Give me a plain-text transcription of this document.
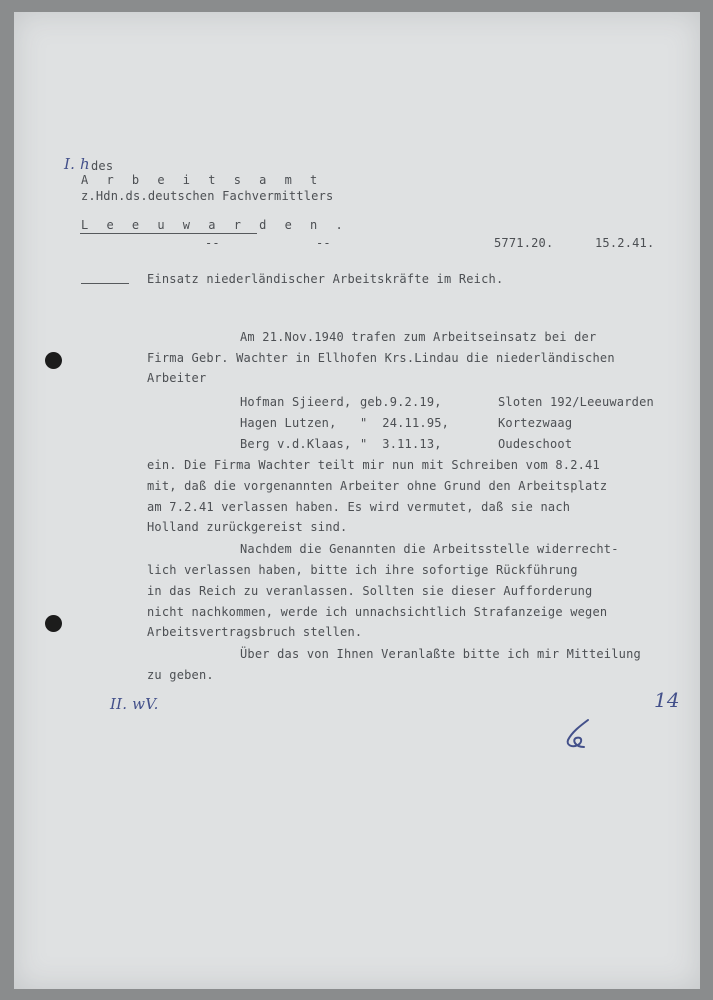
I. h des
A r b e i t s a m t
z.Hdn.ds.deutschen Fachvermittlers
L e e u w a r d e n .
--	--	5771.20.	15.2.41.
Einsatz niederländischer Arbeitskräfte im Reich.
Am 21.Nov.1940 trafen zum Arbeitseinsatz bei der
Firma Gebr. Wachter in Ellhofen Krs.Lindau die niederländischen
Arbeiter
Hofman Sjieerd, geb.9.2.19,	Sloten 192/Leeuwarden
Hagen Lutzen, "  24.11.95,	Kortezwaag
Berg v.d.Klaas, "  3.11.13,	Oudeschoot
ein. Die Firma Wachter teilt mir nun mit Schreiben vom 8.2.41
mit, daß die vorgenannten Arbeiter ohne Grund den Arbeitsplatz
am 7.2.41 verlassen haben. Es wird vermutet, daß sie nach
Holland zurückgereist sind.
Nachdem die Genannten die Arbeitsstelle widerrecht-
lich verlassen haben, bitte ich ihre sofortige Rückführung
in das Reich zu veranlassen. Sollten sie dieser Aufforderung
nicht nachkommen, werde ich unnachsichtlich Strafanzeige wegen
Arbeitsvertragsbruch stellen.
Über das von Ihnen Veranlaßte bitte ich mir Mitteilung
zu geben.
II. wV.	14
